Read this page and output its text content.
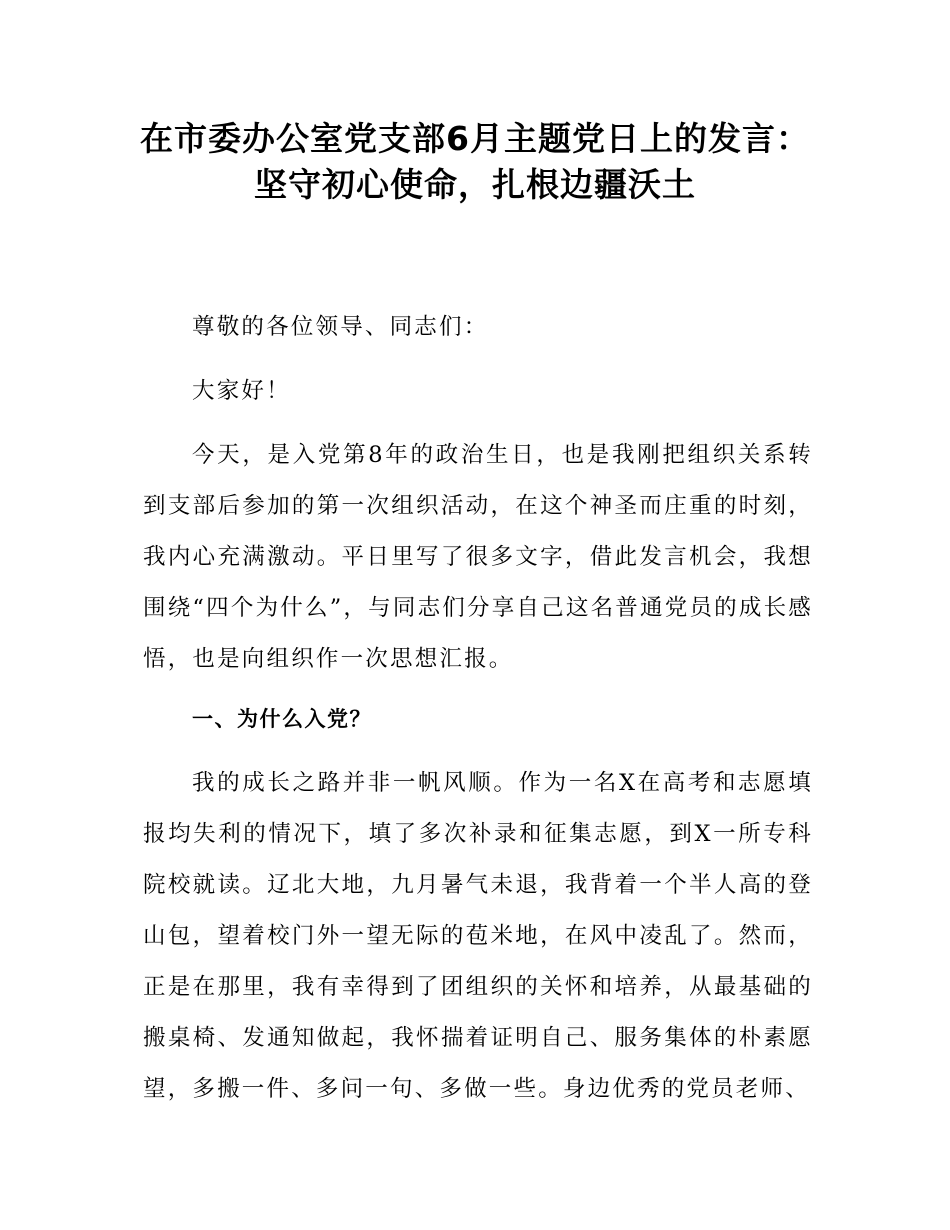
在市委办公室党支部6月主题党日上的发言：
坚守初心使命，扎根边疆沃土

尊敬的各位领导、同志们：

大家好！

今天，是入党第8年的政治生日，也是我刚把组织关系转到支部后参加的第一次组织活动，在这个神圣而庄重的时刻，我内心充满激动。平日里写了很多文字，借此发言机会，我想围绕“四个为什么”，与同志们分享自己这名普通党员的成长感悟，也是向组织作一次思想汇报。

一、为什么入党？

我的成长之路并非一帆风顺。作为一名X在高考和志愿填报均失利的情况下，填了多次补录和征集志愿，到X一所专科院校就读。辽北大地，九月暑气未退，我背着一个半人高的登山包，望着校门外一望无际的苞米地，在风中凌乱了。然而，正是在那里，我有幸得到了团组织的关怀和培养，从最基础的搬桌椅、发通知做起，我怀揣着证明自己、服务集体的朴素愿望，多搬一件、多问一句、多做一些。身边优秀的党员老师、
